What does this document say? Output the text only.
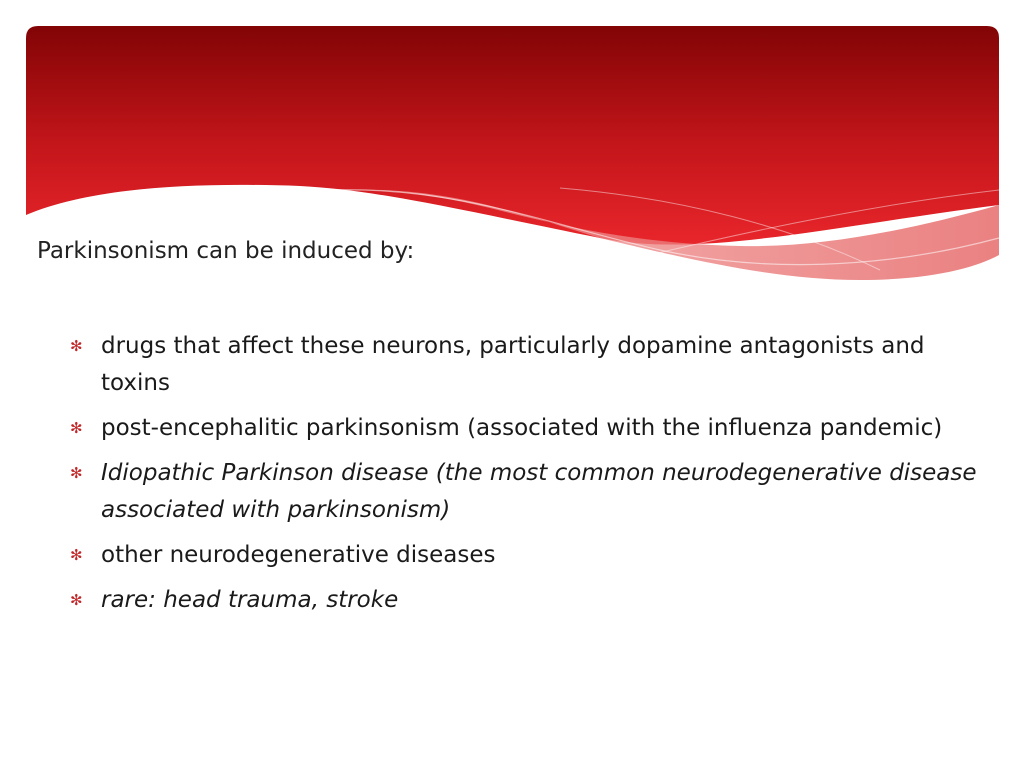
Parkinsonism can be induced by:
✻ drugs that affect these neurons, particularly dopamine antagonists and toxins
✻ post-encephalitic parkinsonism (associated with the influenza pandemic)
✻ Idiopathic Parkinson disease (the most common neurodegenerative disease associated with parkinsonism)
✻ other neurodegenerative diseases
✻ rare: head trauma, stroke
